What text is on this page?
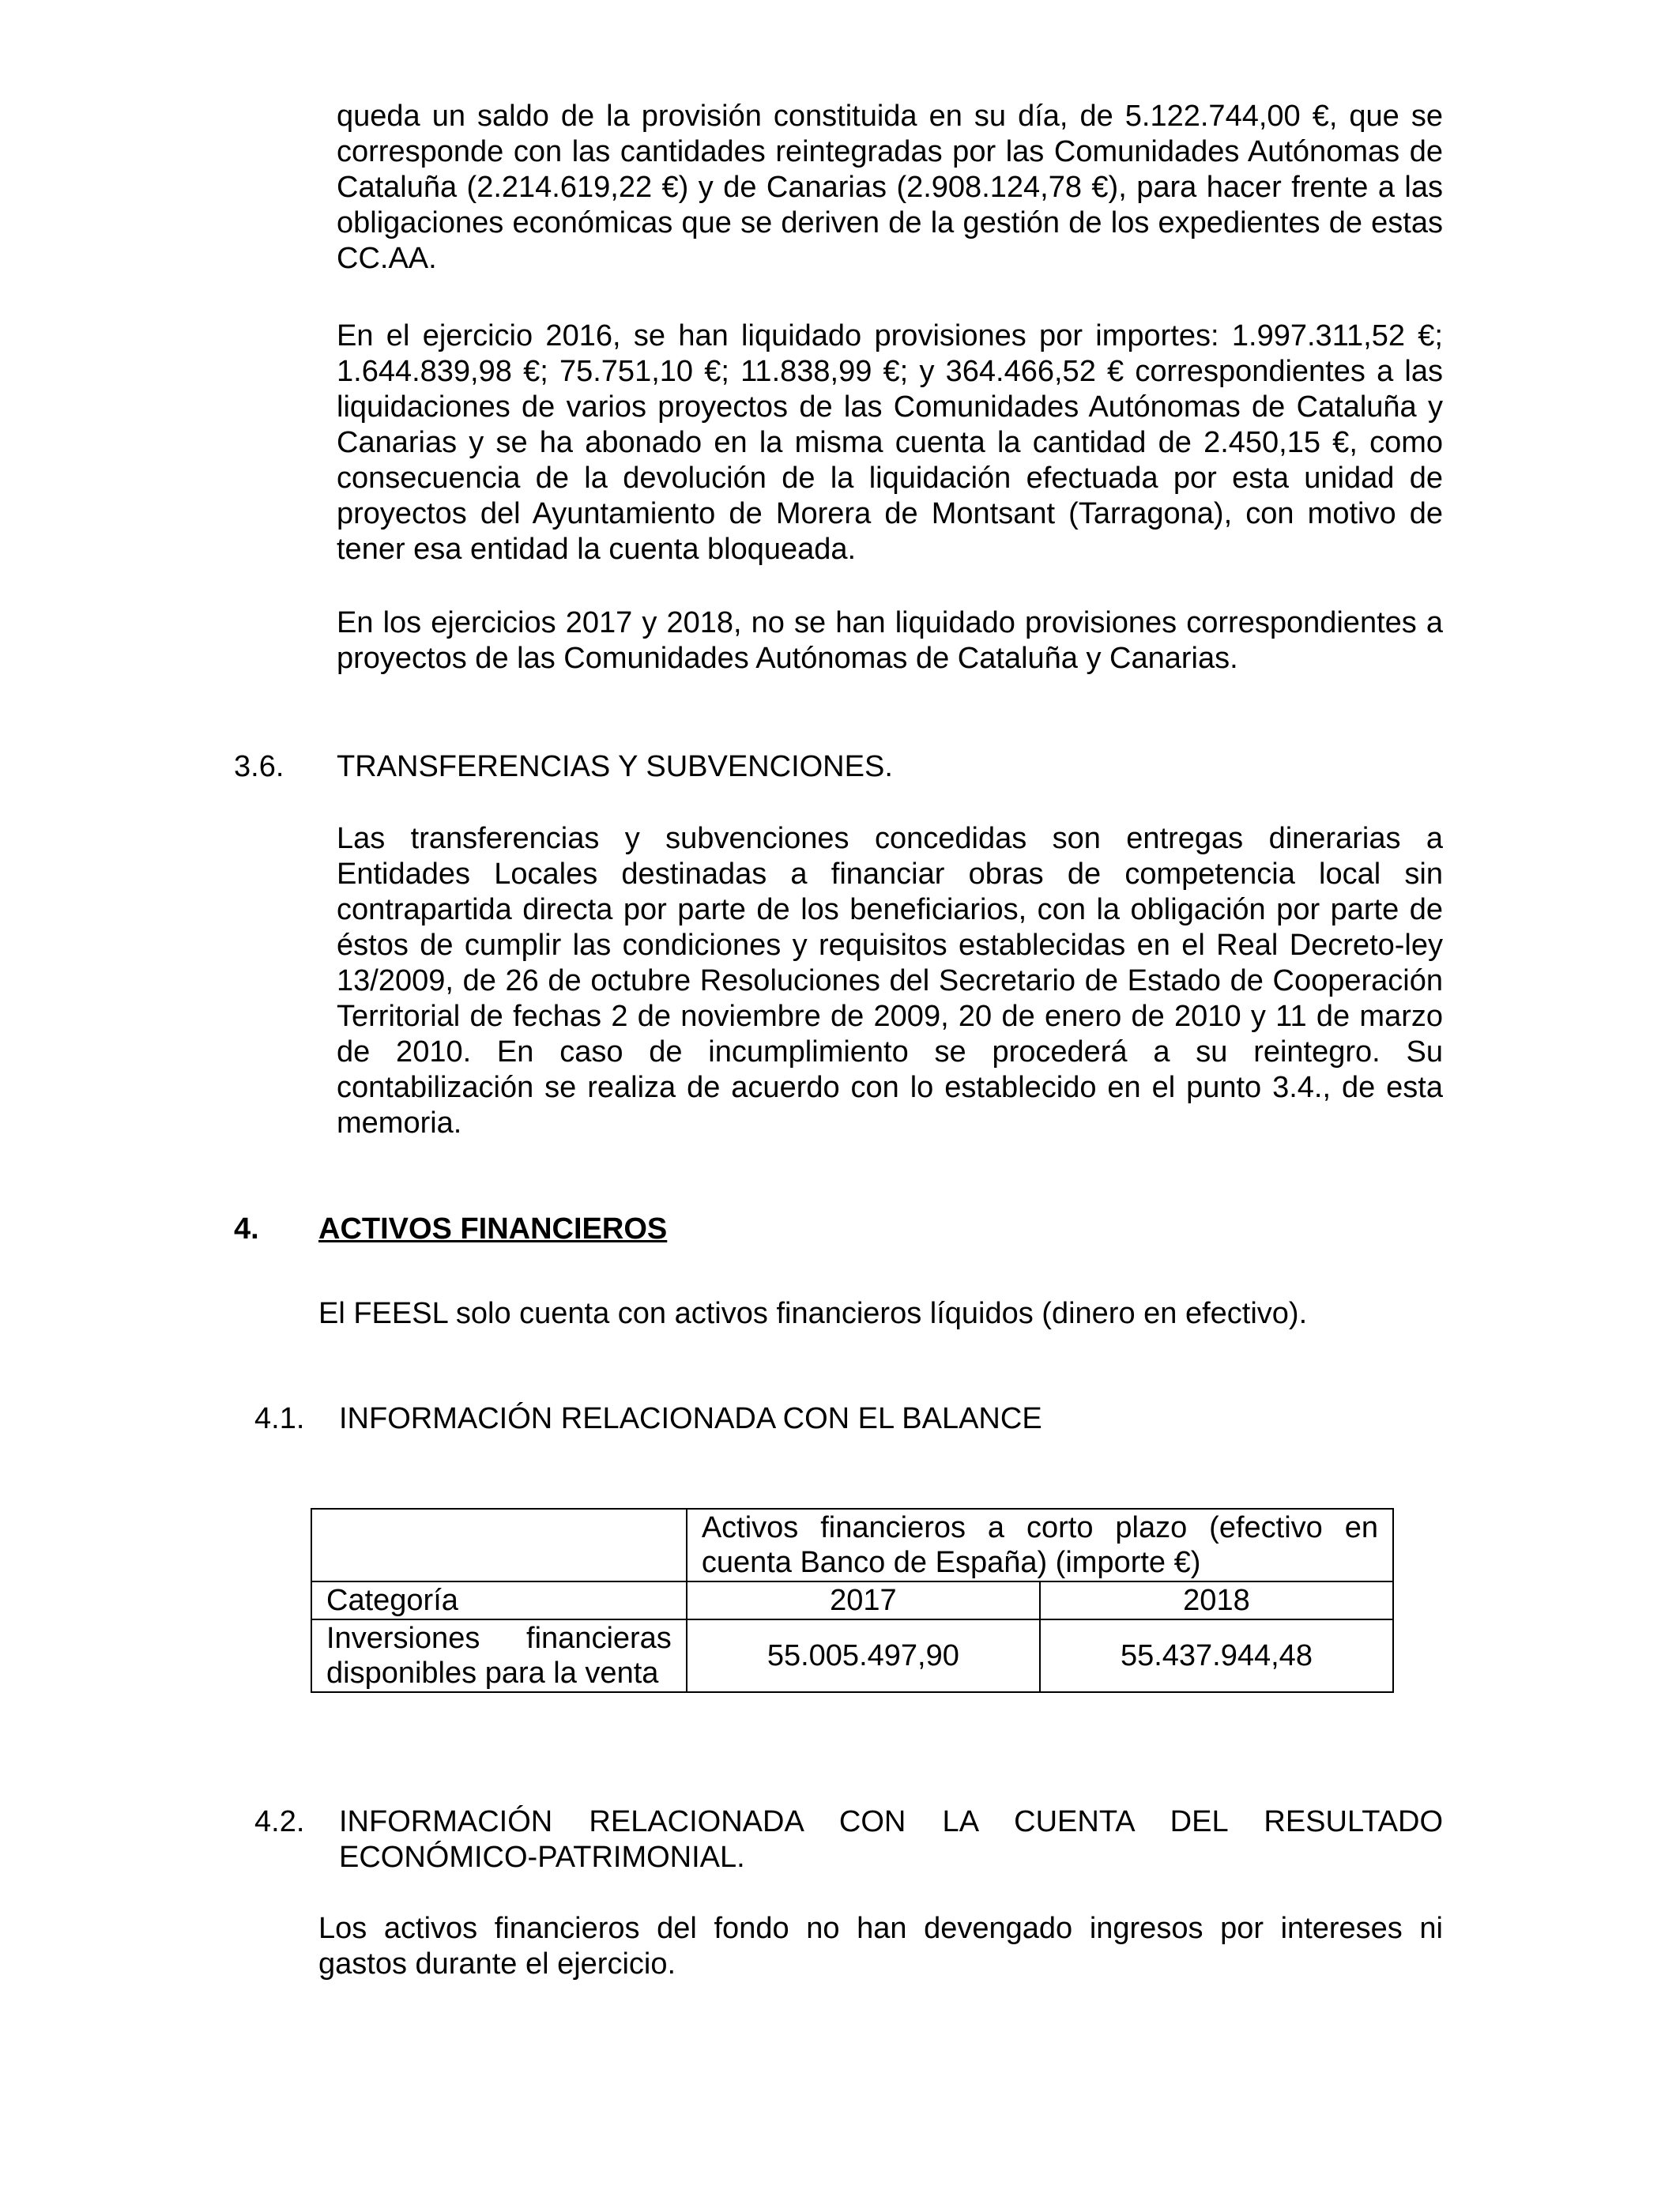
queda un saldo de la provisión constituida en su día, de 5.122.744,00 €, que se corresponde con las cantidades reintegradas por las Comunidades Autónomas de Cataluña (2.214.619,22 €) y de Canarias (2.908.124,78 €), para hacer frente a las obligaciones económicas que se deriven de la gestión de los expedientes de estas CC.AA.

En el ejercicio 2016, se han liquidado provisiones por importes: 1.997.311,52 €; 1.644.839,98 €; 75.751,10 €; 11.838,99 €; y 364.466,52 € correspondientes a las liquidaciones de varios proyectos de las Comunidades Autónomas de Cataluña y Canarias y se ha abonado en la misma cuenta la cantidad de 2.450,15 €, como consecuencia de la devolución de la liquidación efectuada por esta unidad de proyectos del Ayuntamiento de Morera de Montsant (Tarragona), con motivo de tener esa entidad la cuenta bloqueada.

En los ejercicios 2017 y 2018, no se han liquidado provisiones correspondientes a proyectos de las Comunidades Autónomas de Cataluña y Canarias.

3.6. TRANSFERENCIAS Y SUBVENCIONES.

Las transferencias y subvenciones concedidas son entregas dinerarias a Entidades Locales destinadas a financiar obras de competencia local sin contrapartida directa por parte de los beneficiarios, con la obligación por parte de éstos de cumplir las condiciones y requisitos establecidas en el Real Decreto-ley 13/2009, de 26 de octubre Resoluciones del Secretario de Estado de Cooperación Territorial de fechas 2 de noviembre de 2009, 20 de enero de 2010 y 11 de marzo de 2010. En caso de incumplimiento se procederá a su reintegro. Su contabilización se realiza de acuerdo con lo establecido en el punto 3.4., de esta memoria.

4. ACTIVOS FINANCIEROS

El FEESL solo cuenta con activos financieros líquidos (dinero en efectivo).

4.1. INFORMACIÓN RELACIONADA CON EL BALANCE
	Activos financieros a corto plazo (efectivo en cuenta Banco de España) (importe €)	
Categoría	2017	2018
Inversiones financieras disponibles para la venta	55.005.497,90	55.437.944,48
4.2. INFORMACIÓN RELACIONADA CON LA CUENTA DEL RESULTADO ECONÓMICO-PATRIMONIAL.

Los activos financieros del fondo no han devengado ingresos por intereses ni gastos durante el ejercicio.
